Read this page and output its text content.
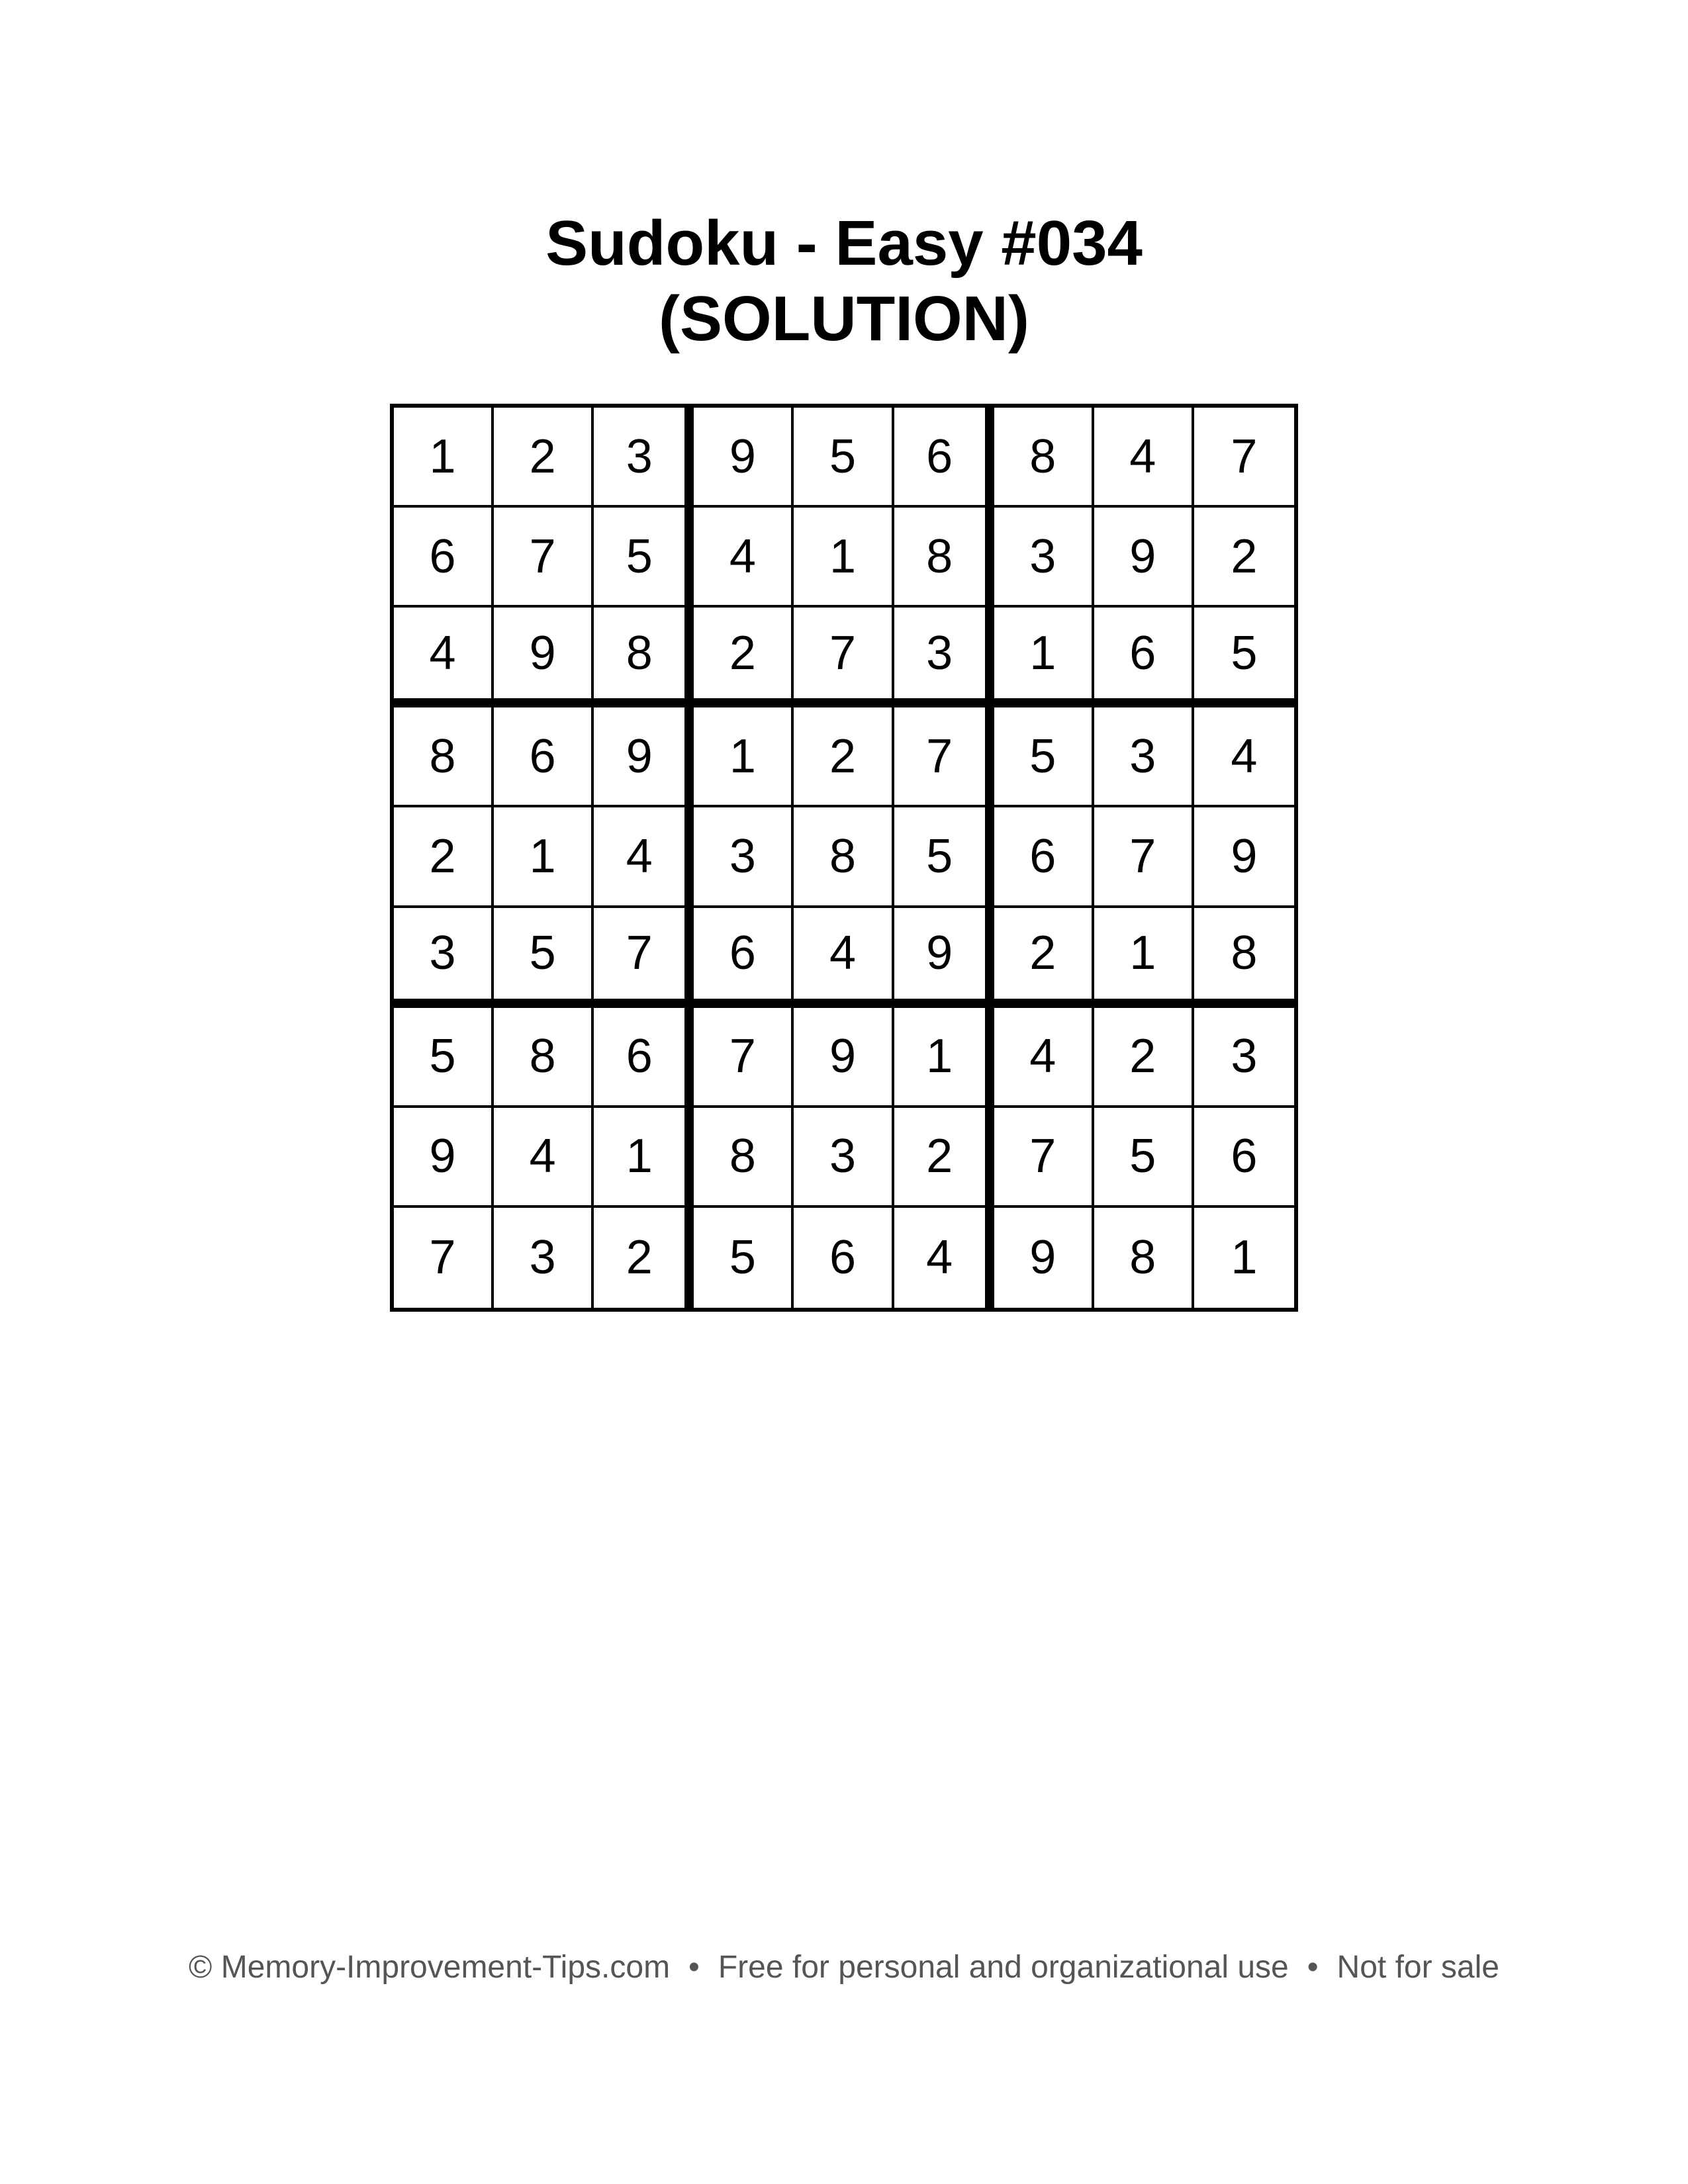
Sudoku - Easy #034
(SOLUTION)
1	2	3	9	5	6	8	4	7
6	7	5	4	1	8	3	9	2
4	9	8	2	7	3	1	6	5
8	6	9	1	2	7	5	3	4
2	1	4	3	8	5	6	7	9
3	5	7	6	4	9	2	1	8
5	8	6	7	9	1	4	2	3
9	4	1	8	3	2	7	5	6
7	3	2	5	6	4	9	8	1
© Memory-Improvement-Tips.com • Free for personal and organizational use • Not for sale
